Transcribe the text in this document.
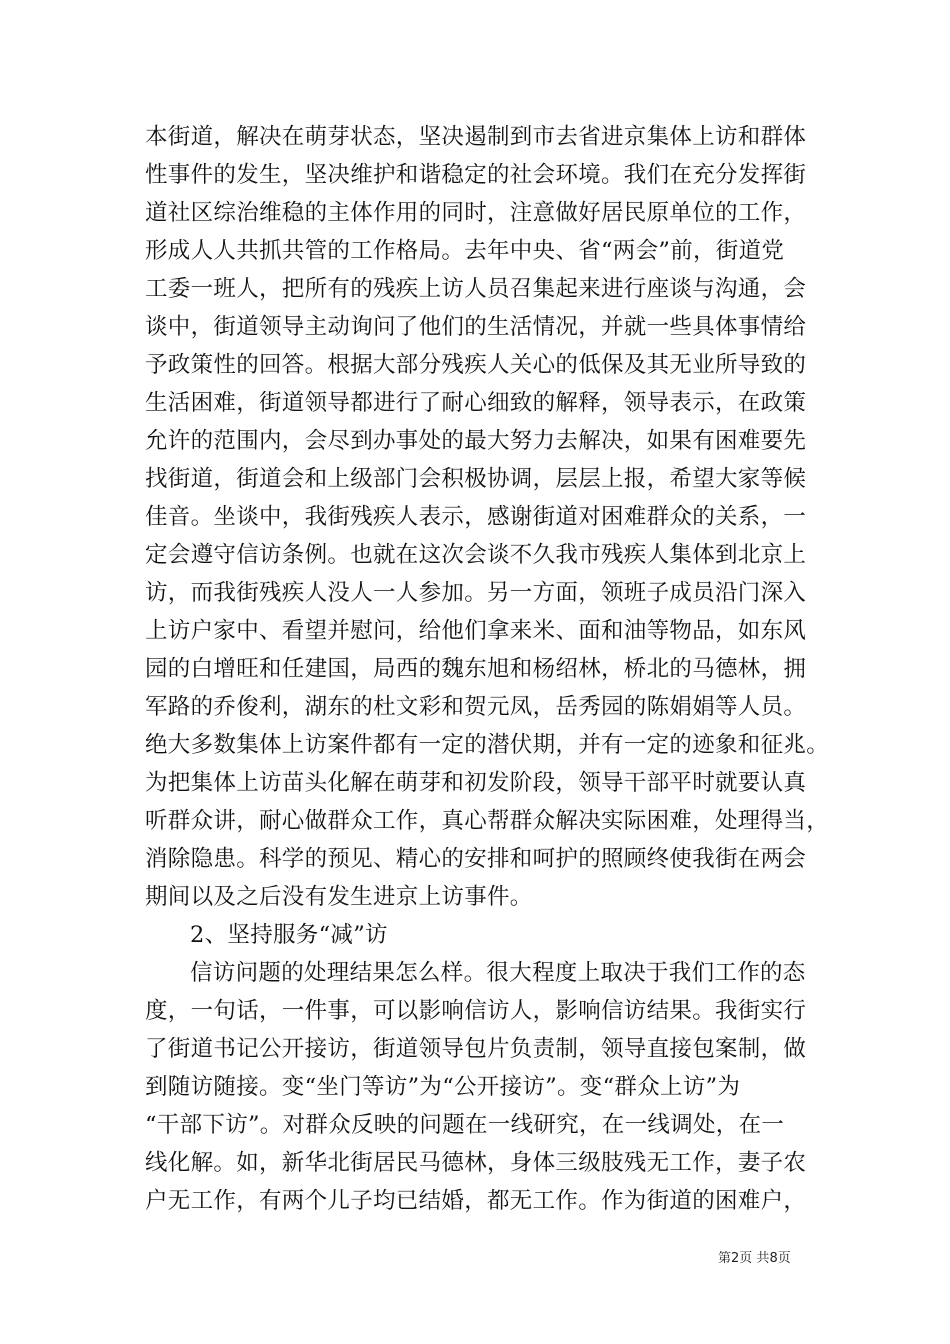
本街道，解决在萌芽状态，坚决遏制到市去省进京集体上访和群体
性事件的发生，坚决维护和谐稳定的社会环境。我们在充分发挥街
道社区综治维稳的主体作用的同时，注意做好居民原单位的工作，
形成人人共抓共管的工作格局。去年中央、省“两会”前，街道党
工委一班人，把所有的残疾上访人员召集起来进行座谈与沟通，会
谈中，街道领导主动询问了他们的生活情况，并就一些具体事情给
予政策性的回答。根据大部分残疾人关心的低保及其无业所导致的
生活困难，街道领导都进行了耐心细致的解释，领导表示，在政策
允许的范围内，会尽到办事处的最大努力去解决，如果有困难要先
找街道，街道会和上级部门会积极协调，层层上报，希望大家等候
佳音。坐谈中，我街残疾人表示，感谢街道对困难群众的关系，一
定会遵守信访条例。也就在这次会谈不久我市残疾人集体到北京上
访，而我街残疾人没人一人参加。另一方面，领班子成员沿门深入
上访户家中、看望并慰问，给他们拿来米、面和油等物品，如东风
园的白增旺和任建国，局西的魏东旭和杨绍林，桥北的马德林，拥
军路的乔俊利，湖东的杜文彩和贺元凤，岳秀园的陈娟娟等人员。
绝大多数集体上访案件都有一定的潜伏期，并有一定的迹象和征兆。
为把集体上访苗头化解在萌芽和初发阶段，领导干部平时就要认真
听群众讲，耐心做群众工作，真心帮群众解决实际困难，处理得当，
消除隐患。科学的预见、精心的安排和呵护的照顾终使我街在两会
期间以及之后没有发生进京上访事件。
2、坚持服务“减”访
信访问题的处理结果怎么样。很大程度上取决于我们工作的态
度，一句话，一件事，可以影响信访人，影响信访结果。我街实行
了街道书记公开接访，街道领导包片负责制，领导直接包案制，做
到随访随接。变“坐门等访”为“公开接访”。变“群众上访”为
“干部下访”。对群众反映的问题在一线研究，在一线调处，在一
线化解。如，新华北街居民马德林，身体三级肢残无工作，妻子农
户无工作，有两个儿子均已结婚，都无工作。作为街道的困难户，
第2页 共8页
